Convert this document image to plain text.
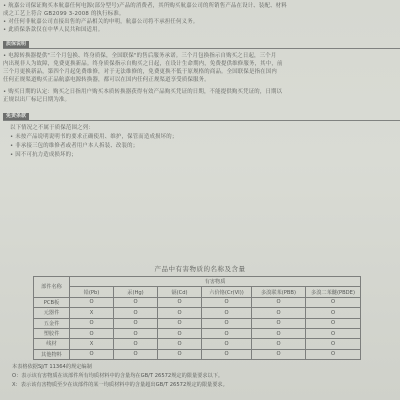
• 航嘉公司保证购买本航嘉任何电源(部分型号)产品的消费者，其所购买航嘉公司的所销售产品在设计、装配、材料
成之工艺上符合 GB2099 3-2008 的执行标准。
• 对任何非航嘉公司直接出售的产品相关的申明，航嘉公司将不承担任何义务。
• 此质保条款仅在中华人民共和国适用。
质保说明
• 电源转换器提供"三个月包换、终身质保，全国联保"的售后服务承诺。三个月包换指示自购买之日起，三个月
内出现非人为故障，免费更换新品。终身质保指示自购买之日起，在设计生命期内，免费提供维修服务，其中，前
三个月更换新品，第四个月起免费维修，对于无法维修的，免费更换不低于原规格的商品。全国联保是指在国内
任何正规渠道购买正品航嘉电源转换器，都可以在国内任何正规渠道享受质保服务。
• 购买日期的认定：购买之日指用户购买本质转换器获得有效产品购买凭证的日期，不能提供购买凭证的，日期以
正规以出厂标记日期为准。
免责条款
以下情况之不属于质保范围之列：
• 未按产品说明说明书的要求正确使用、维护，保管而造成损坏的；
• 非承接三包的维修者或者用户本人拆装、改装的；
• 因不可抗力造成损坏的；
产品中有害物质的名称及含量
部件名称	有害物质					
	铅(Pb)	汞(Hg)	镉(Cd)	六价铬(Cr(VI))	多溴联苯(PBB)	多溴二苯醚(PBDE)
PCB板	O	O	O	O	O	O
元器件	X	O	O	O	O	O
五金件	O	O	O	O	O	O
塑胶件	O	O	O	O	O	O
线材	X	O	O	O	O	O
其他物料	O	O	O	O	O	O
本表格依据SJ/T 11364的规定编制
O：表示该有害物质在该部件所有均质材料中的含量均在GB/T 26572规定的限量要求以下。
X：表示该有害物质至少在该部件的某一均质材料中的含量超出GB/T 26572规定的限量要求。
